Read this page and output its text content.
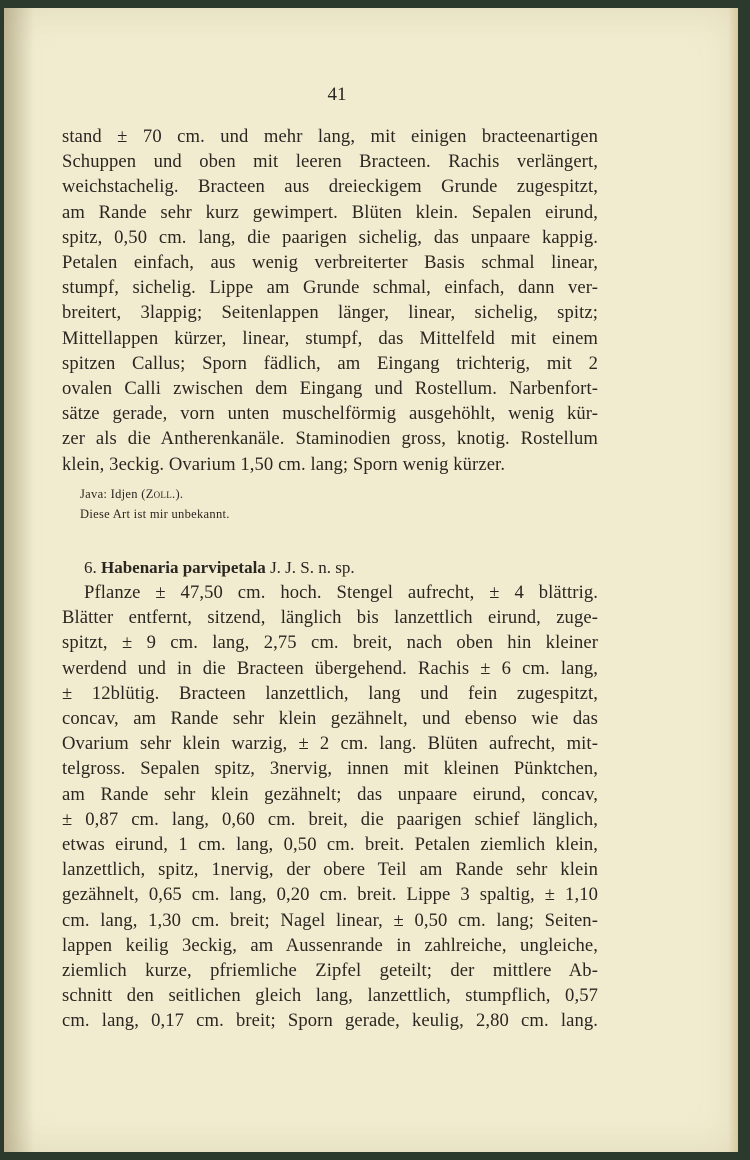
41
stand ± 70 cm. und mehr lang, mit einigen bracteenartigen
Schuppen und oben mit leeren Bracteen. Rachis verlängert,
weichstachelig. Bracteen aus dreieckigem Grunde zugespitzt,
am Rande sehr kurz gewimpert. Blüten klein. Sepalen eirund,
spitz, 0,50 cm. lang, die paarigen sichelig, das unpaare kappig.
Petalen einfach, aus wenig verbreiterter Basis schmal linear,
stumpf, sichelig. Lippe am Grunde schmal, einfach, dann ver-
breitert, 3lappig; Seitenlappen länger, linear, sichelig, spitz;
Mittellappen kürzer, linear, stumpf, das Mittelfeld mit einem
spitzen Callus; Sporn fädlich, am Eingang trichterig, mit 2
ovalen Calli zwischen dem Eingang und Rostellum. Narbenfort-
sätze gerade, vorn unten muschelförmig ausgehöhlt, wenig kür-
zer als die Antherenkanäle. Staminodien gross, knotig. Rostellum
klein, 3eckig. Ovarium 1,50 cm. lang; Sporn wenig kürzer.
Java: Idjen (Zoll.).
Diese Art ist mir unbekannt.
6. Habenaria parvipetala J. J. S. n. sp.
Pflanze ± 47,50 cm. hoch. Stengel aufrecht, ± 4 blättrig.
Blätter entfernt, sitzend, länglich bis lanzettlich eirund, zuge-
spitzt, ± 9 cm. lang, 2,75 cm. breit, nach oben hin kleiner
werdend und in die Bracteen übergehend. Rachis ± 6 cm. lang,
± 12blütig. Bracteen lanzettlich, lang und fein zugespitzt,
concav, am Rande sehr klein gezähnelt, und ebenso wie das
Ovarium sehr klein warzig, ± 2 cm. lang. Blüten aufrecht, mit-
telgross. Sepalen spitz, 3nervig, innen mit kleinen Pünktchen,
am Rande sehr klein gezähnelt; das unpaare eirund, concav,
± 0,87 cm. lang, 0,60 cm. breit, die paarigen schief länglich,
etwas eirund, 1 cm. lang, 0,50 cm. breit. Petalen ziemlich klein,
lanzettlich, spitz, 1nervig, der obere Teil am Rande sehr klein
gezähnelt, 0,65 cm. lang, 0,20 cm. breit. Lippe 3 spaltig, ± 1,10
cm. lang, 1,30 cm. breit; Nagel linear, ± 0,50 cm. lang; Seiten-
lappen keilig 3eckig, am Aussenrande in zahlreiche, ungleiche,
ziemlich kurze, pfriemliche Zipfel geteilt; der mittlere Ab-
schnitt den seitlichen gleich lang, lanzettlich, stumpflich, 0,57
cm. lang, 0,17 cm. breit; Sporn gerade, keulig, 2,80 cm. lang.
